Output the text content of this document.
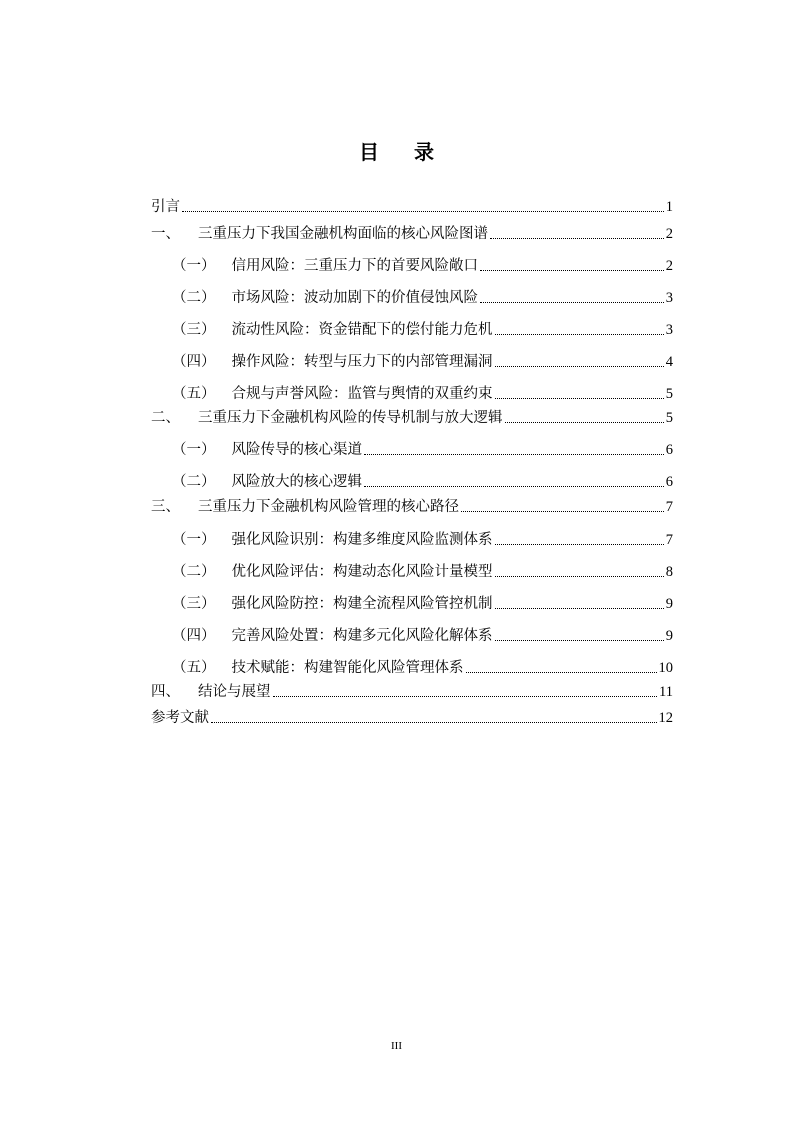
目 录
引言	1
一、 三重压力下我国金融机构面临的核心风险图谱	2
（一） 信用风险：三重压力下的首要风险敞口	2
（二） 市场风险：波动加剧下的价值侵蚀风险	3
（三） 流动性风险：资金错配下的偿付能力危机	3
（四） 操作风险：转型与压力下的内部管理漏洞	4
（五） 合规与声誉风险：监管与舆情的双重约束	5
二、 三重压力下金融机构风险的传导机制与放大逻辑	5
（一） 风险传导的核心渠道	6
（二） 风险放大的核心逻辑	6
三、 三重压力下金融机构风险管理的核心路径	7
（一） 强化风险识别：构建多维度风险监测体系	7
（二） 优化风险评估：构建动态化风险计量模型	8
（三） 强化风险防控：构建全流程风险管控机制	9
（四） 完善风险处置：构建多元化风险化解体系	9
（五） 技术赋能：构建智能化风险管理体系	10
四、 结论与展望	11
参考文献	12
III
